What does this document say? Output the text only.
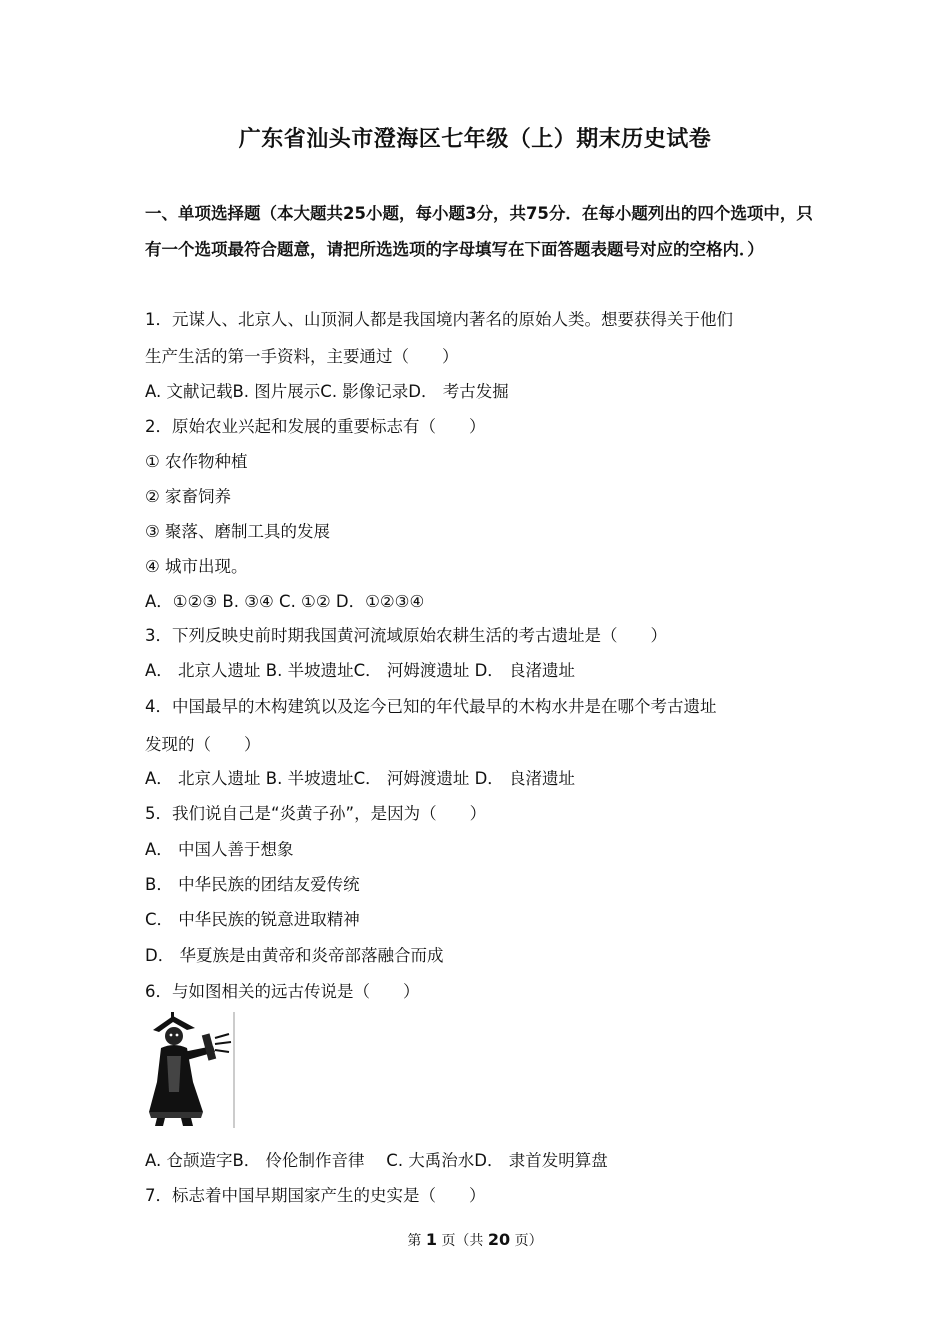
广东省汕头市澄海区七年级（上）期末历史试卷
一、单项选择题（本大题共25小题，每小题3分，共75分．在每小题列出的四个选项中，只有一个选项最符合题意，请把所选选项的字母填写在下面答题表题号对应的空格内．）
1．元谋人、北京人、山顶洞人都是我国境内著名的原始人类。想要获得关于他们
生产生活的第一手资料，主要通过（　　）
A. 文献记载B. 图片展示C. 影像记录D． 考古发掘
2．原始农业兴起和发展的重要标志有（　　）
① 农作物种植
② 家畜饲养
③ 聚落、磨制工具的发展
④ 城市出现。
A．①②③ B. ③④ C. ①② D．①②③④
3．下列反映史前时期我国黄河流域原始农耕生活的考古遗址是（　　）
A． 北京人遗址 B. 半坡遗址C． 河姆渡遗址 D． 良渚遗址
4．中国最早的木构建筑以及迄今已知的年代最早的木构水井是在哪个考古遗址
发现的（　　）
A． 北京人遗址 B. 半坡遗址C． 河姆渡遗址 D． 良渚遗址
5．我们说自己是“炎黄子孙”，是因为（　　）
A． 中国人善于想象
B． 中华民族的团结友爱传统
C． 中华民族的锐意进取精神
D． 华夏族是由黄帝和炎帝部落融合而成
6．与如图相关的远古传说是（　　）
A. 仓颉造字B． 伶伦制作音律　 C. 大禹治水D． 隶首发明算盘
7．标志着中国早期国家产生的史实是（　　）
第 1 页（共 20 页）
